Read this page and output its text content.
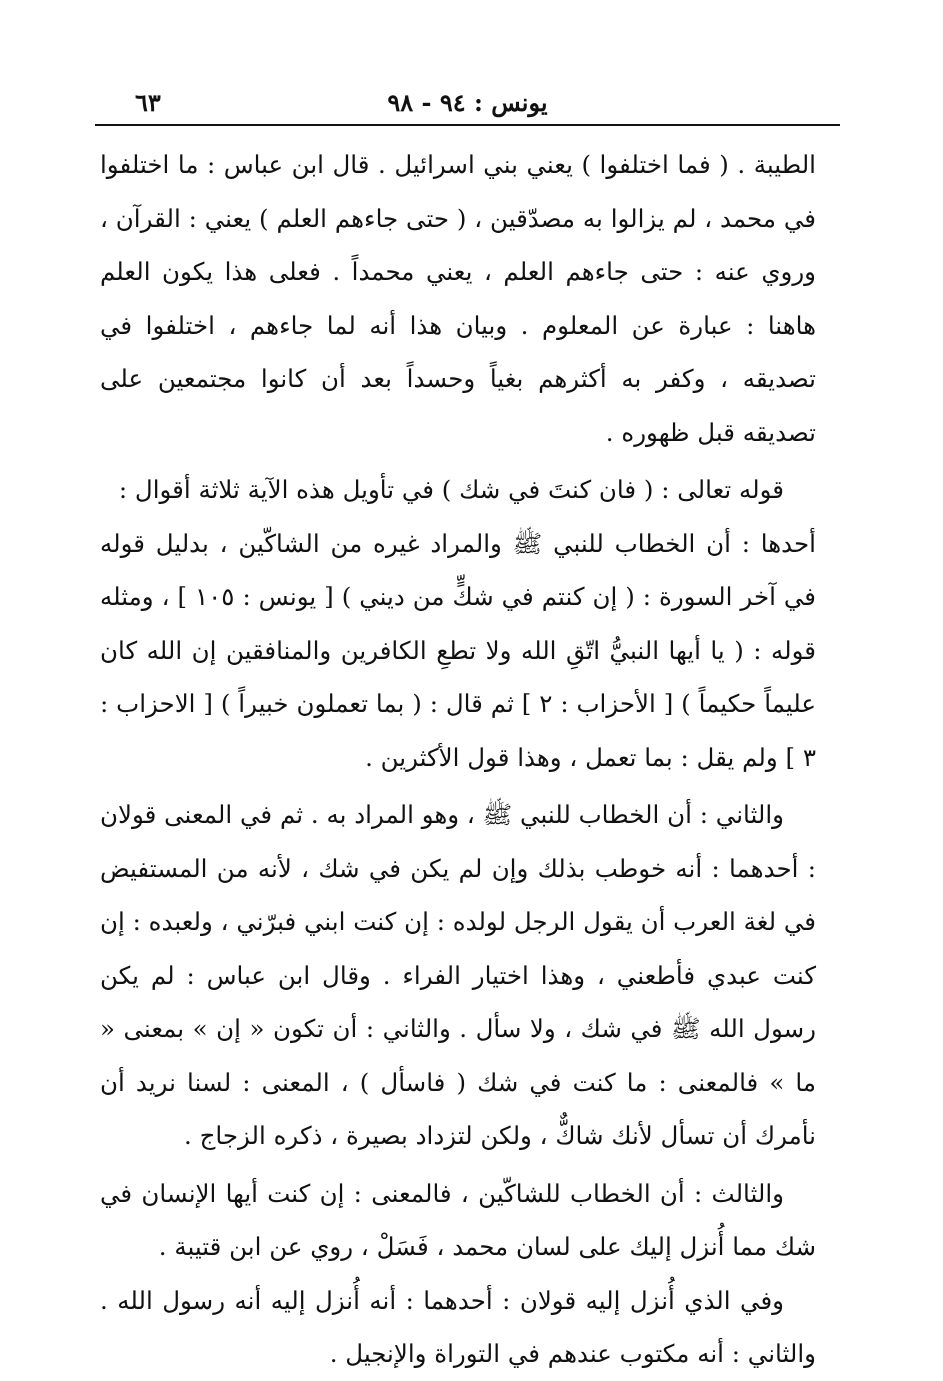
يونس : ٩٤ - ٩٨
٦٣

الطيبة . ( فما اختلفوا ) يعني بني اسرائيل . قال ابن عباس : ما اختلفوا في محمد ، لم يزالوا به مصدّقين ، ( حتى جاءهم العلم ) يعني : القرآن ، وروي عنه : حتى جاءهم العلم ، يعني محمداً . فعلى هذا يكون العلم هاهنا : عبارة عن المعلوم . وبيان هذا أنه لما جاءهم ، اختلفوا في تصديقه ، وكفر به أكثرهم بغياً وحسداً بعد أن كانوا مجتمعين على تصديقه قبل ظهوره .

قوله تعالى : ( فان كنتَ في شك ) في تأويل هذه الآية ثلاثة أقوال :

أحدها : أن الخطاب للنبي ﷺ والمراد غيره من الشاكّين ، بدليل قوله في آخر السورة : ( إن كنتم في شكٍّ من ديني ) [ يونس : ١٠٥ ] ، ومثله قوله : ( يا أيها النبيُّ اتّقِ الله ولا تطعِ الكافرين والمنافقين إن الله كان عليماً حكيماً ) [ الأحزاب : ٢ ] ثم قال : ( بما تعملون خبيراً ) [ الاحزاب : ٣ ] ولم يقل : بما تعمل ، وهذا قول الأكثرين .

والثاني : أن الخطاب للنبي ﷺ ، وهو المراد به . ثم في المعنى قولان : أحدهما : أنه خوطب بذلك وإن لم يكن في شك ، لأنه من المستفيض في لغة العرب أن يقول الرجل لولده : إن كنت ابني فبرّني ، ولعبده : إن كنت عبدي فأطعني ، وهذا اختيار الفراء . وقال ابن عباس : لم يكن رسول الله ﷺ في شك ، ولا سأل . والثاني : أن تكون « إن » بمعنى « ما » فالمعنى : ما كنت في شك ( فاسأل ) ، المعنى : لسنا نريد أن نأمرك أن تسأل لأنك شاكٌّ ، ولكن لتزداد بصيرة ، ذكره الزجاج .

والثالث : أن الخطاب للشاكّين ، فالمعنى : إن كنت أيها الإنسان في شك مما أُنزل إليك على لسان محمد ، فَسَلْ ، روي عن ابن قتيبة .

وفي الذي أُنزل إليه قولان : أحدهما : أنه أُنزل إليه أنه رسول الله . والثاني : أنه مكتوب عندهم في التوراة والإنجيل .
